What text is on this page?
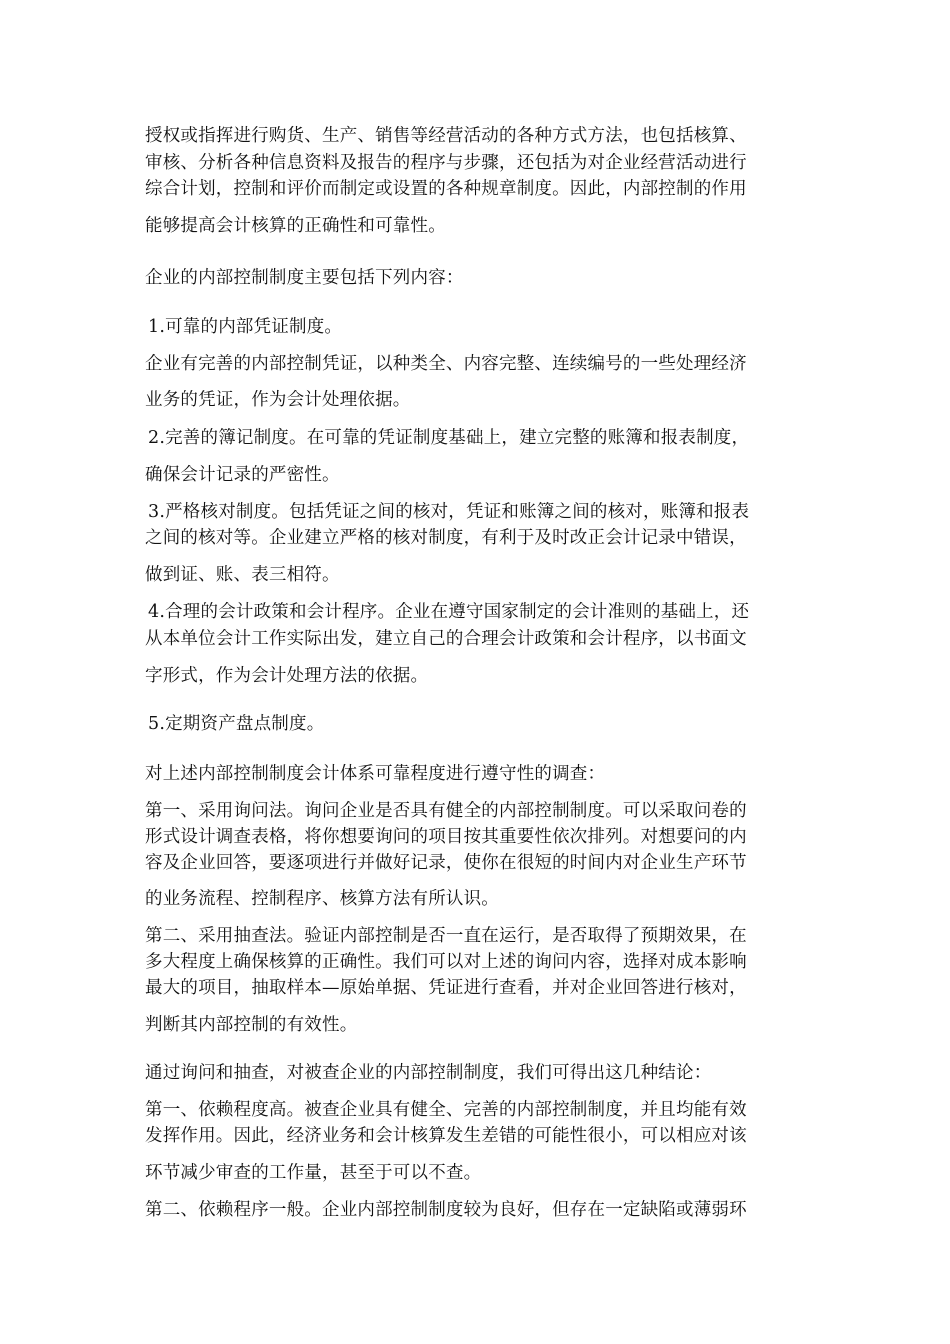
授权或指挥进行购货、生产、销售等经营活动的各种方式方法，也包括核算、
审核、分析各种信息资料及报告的程序与步骤，还包括为对企业经营活动进行
综合计划，控制和评价而制定或设置的各种规章制度。因此，内部控制的作用
能够提高会计核算的正确性和可靠性。
企业的内部控制制度主要包括下列内容：
1.可靠的内部凭证制度。
企业有完善的内部控制凭证，以种类全、内容完整、连续编号的一些处理经济
业务的凭证，作为会计处理依据。
2.完善的簿记制度。在可靠的凭证制度基础上，建立完整的账簿和报表制度，
确保会计记录的严密性。
3.严格核对制度。包括凭证之间的核对，凭证和账簿之间的核对，账簿和报表
之间的核对等。企业建立严格的核对制度，有利于及时改正会计记录中错误，
做到证、账、表三相符。
4.合理的会计政策和会计程序。企业在遵守国家制定的会计准则的基础上，还
从本单位会计工作实际出发，建立自己的合理会计政策和会计程序，以书面文
字形式，作为会计处理方法的依据。
5.定期资产盘点制度。
对上述内部控制制度会计体系可靠程度进行遵守性的调查：
第一、采用询问法。询问企业是否具有健全的内部控制制度。可以采取问卷的
形式设计调查表格，将你想要询问的项目按其重要性依次排列。对想要问的内
容及企业回答，要逐项进行并做好记录，使你在很短的时间内对企业生产环节
的业务流程、控制程序、核算方法有所认识。
第二、采用抽查法。验证内部控制是否一直在运行，是否取得了预期效果，在
多大程度上确保核算的正确性。我们可以对上述的询问内容，选择对成本影响
最大的项目，抽取样本—原始单据、凭证进行查看，并对企业回答进行核对，
判断其内部控制的有效性。
通过询问和抽查，对被查企业的内部控制制度，我们可得出这几种结论：
第一、依赖程度高。被查企业具有健全、完善的内部控制制度，并且均能有效
发挥作用。因此，经济业务和会计核算发生差错的可能性很小，可以相应对该
环节减少审查的工作量，甚至于可以不查。
第二、依赖程序一般。企业内部控制制度较为良好，但存在一定缺陷或薄弱环
